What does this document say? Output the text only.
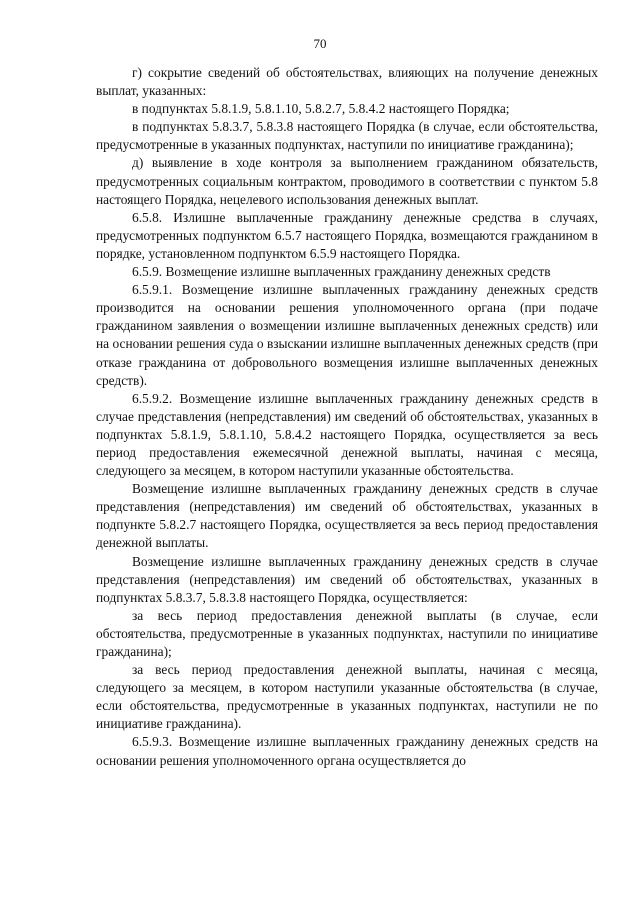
70

г) сокрытие сведений об обстоятельствах, влияющих на получение денежных выплат, указанных:

в подпунктах 5.8.1.9, 5.8.1.10, 5.8.2.7, 5.8.4.2 настоящего Порядка;

в подпунктах 5.8.3.7, 5.8.3.8 настоящего Порядка (в случае, если обстоятельства, предусмотренные в указанных подпунктах, наступили по инициативе гражданина);

д) выявление в ходе контроля за выполнением гражданином обязательств, предусмотренных социальным контрактом, проводимого в соответствии с пунктом 5.8 настоящего Порядка, нецелевого использования денежных выплат.

6.5.8. Излишне выплаченные гражданину денежные средства в случаях, предусмотренных подпунктом 6.5.7 настоящего Порядка, возмещаются гражданином в порядке, установленном подпунктом 6.5.9 настоящего Порядка.

6.5.9. Возмещение излишне выплаченных гражданину денежных средств

6.5.9.1. Возмещение излишне выплаченных гражданину денежных средств производится на основании решения уполномоченного органа (при подаче гражданином заявления о возмещении излишне выплаченных денежных средств) или на основании решения суда о взыскании излишне выплаченных денежных средств (при отказе гражданина от добровольного возмещения излишне выплаченных денежных средств).

6.5.9.2. Возмещение излишне выплаченных гражданину денежных средств в случае представления (непредставления) им сведений об обстоятельствах, указанных в подпунктах 5.8.1.9, 5.8.1.10, 5.8.4.2 настоящего Порядка, осуществляется за весь период предоставления ежемесячной денежной выплаты, начиная с месяца, следующего за месяцем, в котором наступили указанные обстоятельства.

Возмещение излишне выплаченных гражданину денежных средств в случае представления (непредставления) им сведений об обстоятельствах, указанных в подпункте 5.8.2.7 настоящего Порядка, осуществляется за весь период предоставления денежной выплаты.

Возмещение излишне выплаченных гражданину денежных средств в случае представления (непредставления) им сведений об обстоятельствах, указанных в подпунктах 5.8.3.7, 5.8.3.8 настоящего Порядка, осуществляется:

за весь период предоставления денежной выплаты (в случае, если обстоятельства, предусмотренные в указанных подпунктах, наступили по инициативе гражданина);

за весь период предоставления денежной выплаты, начиная с месяца, следующего за месяцем, в котором наступили указанные обстоятельства (в случае, если обстоятельства, предусмотренные в указанных подпунктах, наступили не по инициативе гражданина).

6.5.9.3. Возмещение излишне выплаченных гражданину денежных средств на основании решения уполномоченного органа осуществляется до
